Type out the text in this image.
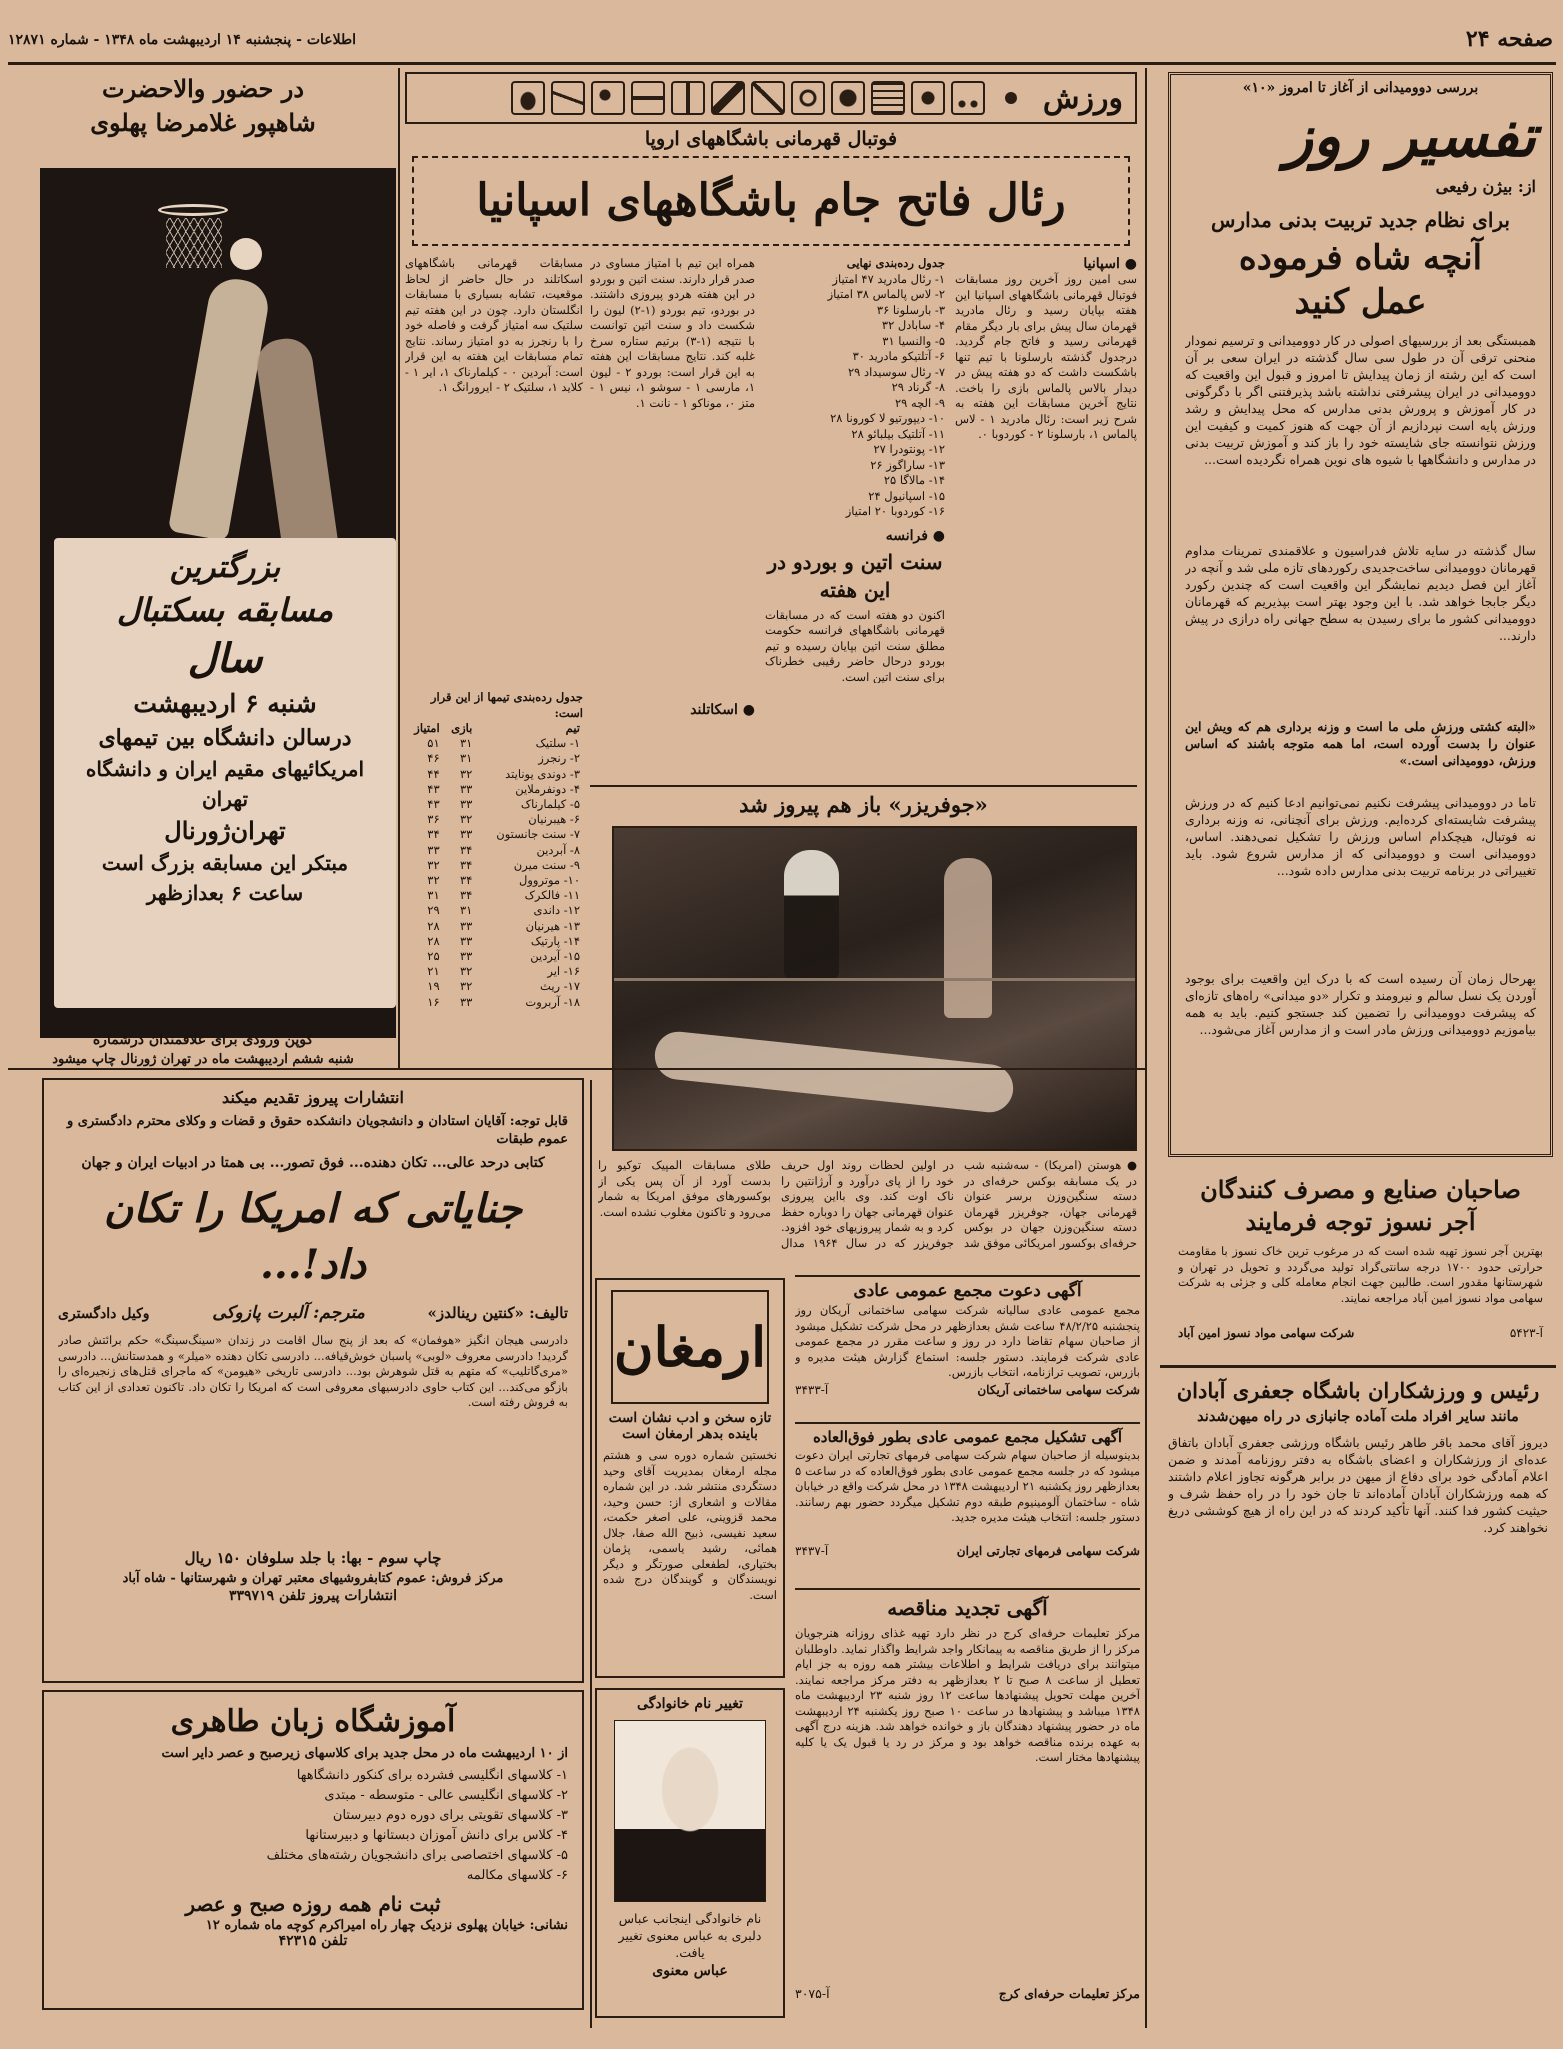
صفحه ۲۴
اطلاعات - پنجشنبه ۱۴ اردیبهشت ماه ۱۳۴۸ - شماره ۱۲۸۷۱
بررسی دوومیدانی از آغاز تا امروز «۱۰»
تفسیر روز
از: بیژن رفیعی
برای نظام جدید تربیت بدنی مدارس
آنچه شاه فرموده
عمل کنید
همبستگی بعد از بررسیهای اصولی در کار دوومیدانی و ترسیم نمودار منحنی ترقی آن در طول سی سال گذشته در ایران سعی بر آن است که این رشته از زمان پیدایش تا امروز و قبول این واقعیت که دوومیدانی در ایران پیشرفتی نداشته باشد پذیرفتنی اگر با دگرگونی در کار آموزش و پرورش بدنی مدارس که محل پیدایش و رشد ورزش پایه است نپردازیم از آن جهت که هنوز کمیت و کیفیت این ورزش نتوانسته جای شایسته خود را باز کند و آموزش تربیت بدنی در مدارس و دانشگاهها با شیوه های نوین همراه نگردیده است...
سال گذشته در سایه تلاش فدراسیون و علاقمندی تمرینات مداوم قهرمانان دوومیدانی ساخت‌جدیدی رکوردهای تازه ملی شد و آنچه در آغاز این فصل دیدیم نمایشگر این واقعیت است که چندین رکورد دیگر جابجا خواهد شد. با این وجود بهتر است بپذیریم که قهرمانان دوومیدانی کشور ما برای رسیدن به سطح جهانی راه درازی در پیش دارند...
«البته کشتی ورزش ملی ما است و وزنه برداری هم که ویش این عنوان را بدست آورده است، اما همه متوجه باشند که اساس ورزش، دوومیدانی است.»
تاما در دوومیدانی پیشرفت نکنیم نمی‌توانیم ادعا کنیم که در ورزش پیشرفت شایسته‌ای کرده‌ایم. ورزش برای آنچنانی، نه وزنه برداری نه فوتبال، هیچکدام اساس ورزش را تشکیل نمی‌دهند. اساس، دوومیدانی است و دوومیدانی که از مدارس شروع شود. باید تغییراتی در برنامه تربیت بدنی مدارس داده شود...
بهرحال زمان آن رسیده است که با درک این واقعیت برای بوجود آوردن یک نسل سالم و نیرومند و تکرار «دو میدانی» راه‌های تازه‌ای که پیشرفت دوومیدانی را تضمین کند جستجو کنیم. باید به همه بیاموزیم دوومیدانی ورزش مادر است و از مدارس آغاز می‌شود...
صاحبان صنایع و مصرف کنندگان
آجر نسوز توجه فرمایند
بهترین آجر نسوز تهیه شده است که در مرغوب ترین خاک نسوز با مقاومت حرارتی حدود ۱۷۰۰ درجه سانتی‌گراد تولید می‌گردد و تحویل در تهران و شهرستانها مقدور است. طالبین جهت انجام معامله کلی و جزئی به شرکت سهامی مواد نسوز امین آباد مراجعه نمایند.
آ-۵۴۲۳
شرکت سهامی مواد نسوز امین آباد
رئیس و ورزشکاران باشگاه جعفری آبادان
مانند سایر افراد ملت آماده جانبازی در راه میهن‌شدند
دیروز آقای محمد باقر طاهر رئیس باشگاه ورزشی جعفری آبادان باتفاق عده‌ای از ورزشکاران و اعضای باشگاه به دفتر روزنامه آمدند و ضمن اعلام آمادگی خود برای دفاع از میهن در برابر هرگونه تجاوز اعلام داشتند که همه ورزشکاران آبادان آماده‌اند تا جان خود را در راه حفظ شرف و حیثیت کشور فدا کنند. آنها تأکید کردند که در این راه از هیچ کوششی دریغ نخواهند کرد.
ورزش
فوتبال قهرمانی باشگاههای اروپا
رئال فاتح جام باشگاههای اسپانیا
● اسپانیا
سی امین روز آخرین روز مسابقات فوتبال قهرمانی باشگاههای اسپانیا این هفته بپایان رسید و رئال مادرید قهرمان سال پیش برای بار دیگر مقام قهرمانی رسید و فاتح جام گردید. درجدول گذشته بارسلونا با تیم تنها باشکست داشت که دو هفته پیش در دیدار بالاس پالماس بازی را باخت. نتایج آخرین مسابقات این هفته به شرح زیر است: رئال مادرید ۱ - لاس پالماس ۱، بارسلونا ۲ - کوردوبا ۰.
جدول رده‌بندی نهایی
۱- رئال مادرید ۴۷ امتیاز
۲- لاس پالماس ۳۸ امتیاز
۳- بارسلونا ۳۶
۴- سابادل ۳۲
۵- والنسیا ۳۱
۶- آتلتیکو مادرید ۳۰
۷- رئال سوسیداد ۲۹
۸- گرناد ۲۹
۹- الچه ۲۹
۱۰- دیپورتیو لا کورونا ۲۸
۱۱- آتلتیک بیلبائو ۲۸
۱۲- پونتودرا ۲۷
۱۳- ساراگوز ۲۶
۱۴- مالاگا ۲۵
۱۵- اسپانیول ۲۴
۱۶- کوردوبا ۲۰ امتیاز
● فرانسه
سنت اتین و بوردو در این هفته
اکنون دو هفته است که در مسابقات قهرمانی باشگاههای فرانسه حکومت مطلق سنت اتین بپایان رسیده و تیم بوردو درحال حاضر رقیبی خطرناک برای سنت اتین است.
همراه این تیم با امتیاز مساوی در صدر قرار دارند. سنت اتین و بوردو در این هفته هردو پیروزی داشتند. در بوردو، تیم بوردو (۱-۲) لیون را شکست داد و سنت اتین توانست با نتیجه (۱-۳) برتیم ستاره سرخ غلبه کند. نتایج مسابقات این هفته به این قرار است: بوردو ۲ - لیون ۱، مارسی ۱ - سوشو ۱، نیس ۱ - متز ۰، موناکو ۱ - نانت ۱.
● اسکاتلند
مسابقات قهرمانی باشگاههای اسکاتلند در حال حاضر از لحاظ موقعیت، تشابه بسیاری با مسابقات انگلستان دارد. چون در این هفته تیم سلتیک سه امتیاز گرفت و فاصله خود را با رنجرز به دو امتیاز رساند. نتایج تمام مسابقات این هفته به این قرار است: آبردین ۰ - کیلمارناک ۱، ایر ۱ - کلاید ۱، سلتیک ۲ - ایرورانگ ۱.
جدول رده‌بندی تیمها از این قرار است:
تیم	بازی	امتیاز
۱- سلتیک	۳۱	۵۱
۲- رنجرز	۳۱	۴۶
۳- دوندی یونایتد	۳۲	۴۴
۴- دونفرملاین	۳۳	۴۳
۵- کیلمارناک	۳۳	۴۳
۶- هیبرنیان	۳۲	۳۶
۷- سنت جانستون	۳۳	۳۴
۸- آبردین	۳۴	۳۳
۹- سنت میرن	۳۴	۳۲
۱۰- موتروول	۳۴	۳۲
۱۱- فالکرک	۳۴	۳۱
۱۲- داندی	۳۱	۲۹
۱۳- هیرنیان	۳۳	۲۸
۱۴- پارتیک	۳۳	۲۸
۱۵- آیردین	۳۳	۲۵
۱۶- ایر	۳۲	۲۱
۱۷- ریث	۳۲	۱۹
۱۸- آربروت	۳۳	۱۶
«جوفریزر» باز هم پیروز شد
● هوستن (امریکا) - سه‌شنبه شب در یک مسابقه بوکس حرفه‌ای در دسته سنگین‌وزن برسر عنوان قهرمانی جهان، جوفریزر قهرمان دسته سنگین‌وزن جهان در بوکس حرفه‌ای بوکسور امریکائی موفق شد در اولین لحظات روند اول حریف خود را از پای درآورد و آرژانتین را ناک اوت کند. وی بااین پیروزی عنوان قهرمانی جهان را دوباره حفظ کرد و به شمار پیروزیهای خود افزود. جوفریزر که در سال ۱۹۶۴ مدال طلای مسابقات المپیک توکیو را بدست آورد از آن پس یکی از بوکسورهای موفق امریکا به شمار می‌رود و تاکنون مغلوب نشده است.
در حضور والاحضرت
شاهپور غلامرضا پهلوی
بزرگترین
مسابقه بسکتبال
سال
شنبه ۶ اردیبهشت
درسالن دانشگاه بین تیمهای
امریکائیهای مقیم ایران و دانشگاه
تهران
تهران‌ژورنال
مبتکر این مسابقه بزرگ است
ساعت ۶ بعدازظهر
کوپن ورودی برای علاقمندان درشماره
شنبه ششم اردیبهشت ماه در تهران ژورنال چاپ میشود
انتشارات پیروز تقدیم میکند
قابل توجه: آقایان استادان و دانشجویان دانشکده حقوق و قضات و وکلای محترم دادگستری و عموم طبقات
کتابی درحد عالی... تکان دهنده... فوق تصور... بی همتا در ادبیات ایران و جهان
جنایاتی که امریکا را تکان داد!...
تالیف: «کنتین رینالدز»
مترجم: آلبرت پازوکی
وکیل دادگستری
دادرسی هیجان انگیز «هوفمان» که بعد از پنج سال اقامت در زندان «سینگ‌سینگ» حکم برائتش صادر گردید! دادرسی معروف «لوبی» پاسبان خوش‌قیافه... دادرسی تکان دهنده «میلر» و همدستانش... دادرسی «مری‌گاتلیب» که متهم به قتل شوهرش بود... دادرسی تاریخی «هیومن» که ماجرای قتل‌های زنجیره‌ای را بازگو می‌کند... این کتاب حاوی دادرسیهای معروفی است که امریکا را تکان داد. تاکنون تعدادی از این کتاب به فروش رفته است.
چاپ سوم - بها: با جلد سلوفان ۱۵۰ ریال
مرکز فروش: عموم کتابفروشیهای معتبر تهران و شهرستانها - شاه آباد
انتشارات پیروز تلفن ۳۳۹۷۱۹
آموزشگاه زبان طاهری
از ۱۰ اردیبهشت ماه در محل جدید برای کلاسهای زیرصبح و عصر دایر است
۱- کلاسهای انگلیسی فشرده برای کنکور دانشگاهها
۲- کلاسهای انگلیسی عالی - متوسطه - مبتدی
۳- کلاسهای تقویتی برای دوره دوم دبیرستان
۴- کلاس برای دانش آموزان دبستانها و دبیرستانها
۵- کلاسهای اختصاصی برای دانشجویان رشته‌های مختلف
۶- کلاسهای مکالمه
ثبت نام همه روزه صبح و عصر
نشانی: خیابان پهلوی نزدیک چهار راه امیراکرم کوچه ماه شماره ۱۲
تلفن ۴۲۳۱۵
ارمغان
تازه سخن و ادب نشان است
باینده بدهر ارمغان است
نخستین شماره دوره سی و هشتم مجله ارمغان بمدیریت آقای وحید دستگردی منتشر شد. در این شماره مقالات و اشعاری از: حسن وحید، محمد قزوینی، علی اصغر حکمت، سعید نفیسی، ذبیح الله صفا، جلال همائی، رشید یاسمی، پژمان بختیاری، لطفعلی صورتگر و دیگر نویسندگان و گویندگان درج شده است.
تغییر نام خانوادگی
نام خانوادگی اینجانب عباس دلبری به عباس معنوی تغییر یافت.
عباس معنوی
آگهی دعوت مجمع عمومی عادی
مجمع عمومی عادی سالیانه شرکت سهامی ساختمانی آریکان روز پنجشنبه ۴۸/۲/۲۵ ساعت شش بعدازظهر در محل شرکت تشکیل میشود از صاحبان سهام تقاضا دارد در روز و ساعت مقرر در مجمع عمومی عادی شرکت فرمایند. دستور جلسه: استماع گزارش هیئت مدیره و بازرس، تصویب ترازنامه، انتخاب بازرس.
شرکت سهامی ساختمانی آریکان
آ-۳۴۳۳
آگهی تشکیل مجمع عمومی عادی بطور فوق‌العاده
بدینوسیله از صاحبان سهام شرکت سهامی فرمهای تجارتی ایران دعوت میشود که در جلسه مجمع عمومی عادی بطور فوق‌العاده که در ساعت ۵ بعدازظهر روز یکشنبه ۲۱ اردیبهشت ۱۳۴۸ در محل شرکت واقع در خیابان شاه - ساختمان آلومینیوم طبقه دوم تشکیل میگردد حضور بهم رسانند. دستور جلسه: انتخاب هیئت مدیره جدید.
شرکت سهامی فرمهای تجارتی ایران
آ-۳۴۳۷
آگهی تجدید مناقصه
مرکز تعلیمات حرفه‌ای کرج در نظر دارد تهیه غذای روزانه هنرجویان مرکز را از طریق مناقصه به پیمانکار واجد شرایط واگذار نماید. داوطلبان میتوانند برای دریافت شرایط و اطلاعات بیشتر همه روزه به جز ایام تعطیل از ساعت ۸ صبح تا ۲ بعدازظهر به دفتر مرکز مراجعه نمایند. آخرین مهلت تحویل پیشنهادها ساعت ۱۲ روز شنبه ۲۳ اردیبهشت ماه ۱۳۴۸ میباشد و پیشنهادها در ساعت ۱۰ صبح روز یکشنبه ۲۴ اردیبهشت ماه در حضور پیشنهاد دهندگان باز و خوانده خواهد شد. هزینه درج آگهی به عهده برنده مناقصه خواهد بود و مرکز در رد یا قبول یک یا کلیه پیشنهادها مختار است.
مرکز تعلیمات حرفه‌ای کرج
آ-۳۰۷۵
